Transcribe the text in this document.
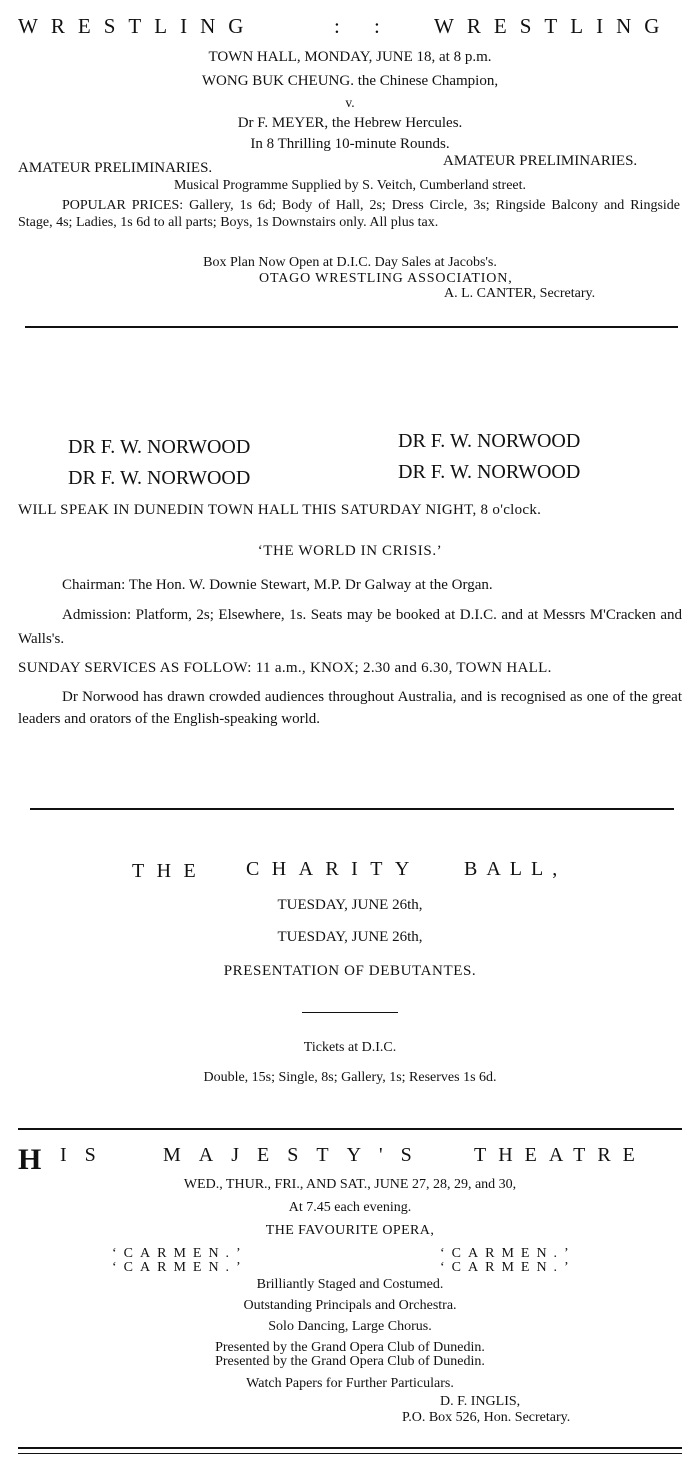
WRESTLING	: : WRESTLING
TOWN HALL, MONDAY, JUNE 18, at 8 p.m.
WONG BUK CHEUNG. the Chinese Champion,
v.
Dr F. MEYER, the Hebrew Hercules.
In 8 Thrilling 10-minute Rounds.
AMATEUR PRELIMINARIES.	AMATEUR PRELIMINARIES.
Musical Programme Supplied by S. Veitch, Cumberland street.
POPULAR PRICES: Gallery, 1s 6d; Body of Hall, 2s; Dress Circle, 3s; Ringside Balcony and Ringside Stage, 4s; Ladies, 1s 6d to all parts; Boys, 1s Downstairs only. All plus tax.
Box Plan Now Open at D.I.C. Day Sales at Jacobs's.
OTAGO WRESTLING ASSOCIATION,
A. L. CANTER, Secretary.
DR F. W. NORWOOD	DR F. W. NORWOOD
DR F. W. NORWOOD	DR F. W. NORWOOD
WILL SPEAK IN DUNEDIN TOWN HALL THIS SATURDAY NIGHT, 8 o'clock.
‘THE WORLD IN CRISIS.’
Chairman: The Hon. W. Downie Stewart, M.P. Dr Galway at the Organ.
Admission: Platform, 2s; Elsewhere, 1s. Seats may be booked at D.I.C. and at Messrs M'Cracken and Walls's.
SUNDAY SERVICES AS FOLLOW: 11 a.m., KNOX; 2.30 and 6.30, TOWN HALL.
Dr Norwood has drawn crowded audiences throughout Australia, and is recognised as one of the great leaders and orators of the English-speaking world.
THE CHARITY BALL,
TUESDAY, JUNE 26th,
TUESDAY, JUNE 26th,
PRESENTATION OF DEBUTANTES.
Tickets at D.I.C.
Double, 15s; Single, 8s; Gallery, 1s; Reserves 1s 6d.
H IS MAJESTY'S THEATRE
WED., THUR., FRI., AND SAT., JUNE 27, 28, 29, and 30,
At 7.45 each evening.
THE FAVOURITE OPERA,
‘CARMEN.’
‘CARMEN.’
‘CARMEN.’
‘CARMEN.’
Brilliantly Staged and Costumed.
Outstanding Principals and Orchestra.
Solo Dancing, Large Chorus.
Presented by the Grand Opera Club of Dunedin.
Presented by the Grand Opera Club of Dunedin.
Watch Papers for Further Particulars.
D. F. INGLIS,
P.O. Box 526, Hon. Secretary.
